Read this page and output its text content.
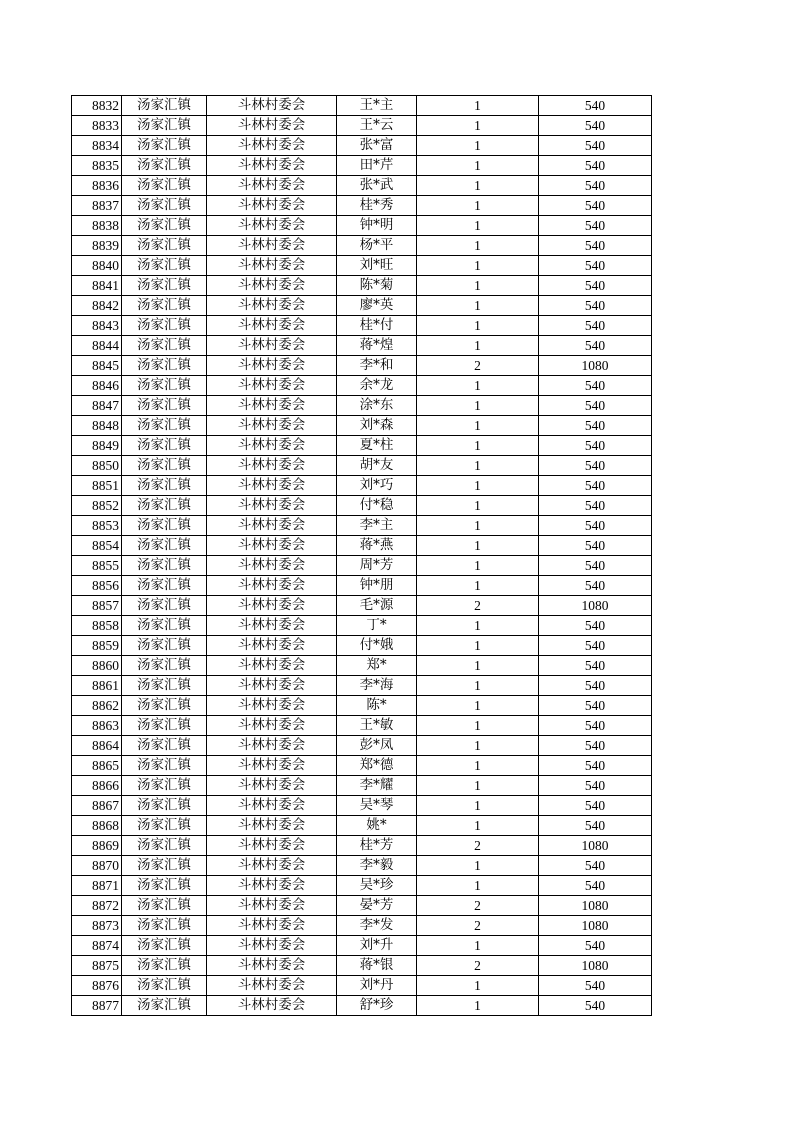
8832	汤家汇镇	斗林村委会	王*主	1	540
8833	汤家汇镇	斗林村委会	王*云	1	540
8834	汤家汇镇	斗林村委会	张*富	1	540
8835	汤家汇镇	斗林村委会	田*芹	1	540
8836	汤家汇镇	斗林村委会	张*武	1	540
8837	汤家汇镇	斗林村委会	桂*秀	1	540
8838	汤家汇镇	斗林村委会	钟*明	1	540
8839	汤家汇镇	斗林村委会	杨*平	1	540
8840	汤家汇镇	斗林村委会	刘*旺	1	540
8841	汤家汇镇	斗林村委会	陈*菊	1	540
8842	汤家汇镇	斗林村委会	廖*英	1	540
8843	汤家汇镇	斗林村委会	桂*付	1	540
8844	汤家汇镇	斗林村委会	蒋*煌	1	540
8845	汤家汇镇	斗林村委会	李*和	2	1080
8846	汤家汇镇	斗林村委会	余*龙	1	540
8847	汤家汇镇	斗林村委会	涂*东	1	540
8848	汤家汇镇	斗林村委会	刘*森	1	540
8849	汤家汇镇	斗林村委会	夏*柱	1	540
8850	汤家汇镇	斗林村委会	胡*友	1	540
8851	汤家汇镇	斗林村委会	刘*巧	1	540
8852	汤家汇镇	斗林村委会	付*稳	1	540
8853	汤家汇镇	斗林村委会	李*主	1	540
8854	汤家汇镇	斗林村委会	蒋*燕	1	540
8855	汤家汇镇	斗林村委会	周*芳	1	540
8856	汤家汇镇	斗林村委会	钟*朋	1	540
8857	汤家汇镇	斗林村委会	毛*源	2	1080
8858	汤家汇镇	斗林村委会	丁*	1	540
8859	汤家汇镇	斗林村委会	付*娥	1	540
8860	汤家汇镇	斗林村委会	郑*	1	540
8861	汤家汇镇	斗林村委会	李*海	1	540
8862	汤家汇镇	斗林村委会	陈*	1	540
8863	汤家汇镇	斗林村委会	王*敏	1	540
8864	汤家汇镇	斗林村委会	彭*凤	1	540
8865	汤家汇镇	斗林村委会	郑*德	1	540
8866	汤家汇镇	斗林村委会	李*耀	1	540
8867	汤家汇镇	斗林村委会	吴*琴	1	540
8868	汤家汇镇	斗林村委会	姚*	1	540
8869	汤家汇镇	斗林村委会	桂*芳	2	1080
8870	汤家汇镇	斗林村委会	李*毅	1	540
8871	汤家汇镇	斗林村委会	吴*珍	1	540
8872	汤家汇镇	斗林村委会	晏*芳	2	1080
8873	汤家汇镇	斗林村委会	李*发	2	1080
8874	汤家汇镇	斗林村委会	刘*升	1	540
8875	汤家汇镇	斗林村委会	蒋*银	2	1080
8876	汤家汇镇	斗林村委会	刘*丹	1	540
8877	汤家汇镇	斗林村委会	舒*珍	1	540
